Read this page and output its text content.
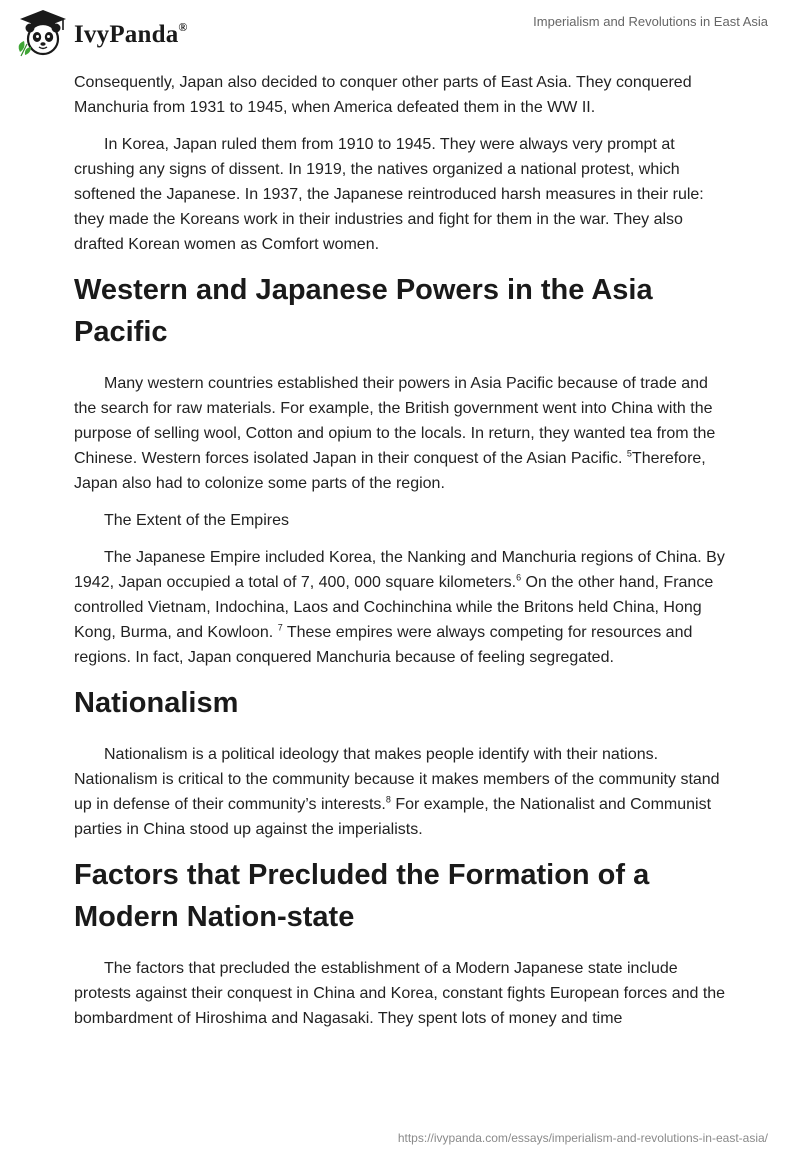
IvyPanda®	Imperialism and Revolutions in East Asia

Consequently, Japan also decided to conquer other parts of East Asia. They conquered Manchuria from 1931 to 1945, when America defeated them in the WW II.

In Korea, Japan ruled them from 1910 to 1945. They were always very prompt at crushing any signs of dissent. In 1919, the natives organized a national protest, which softened the Japanese. In 1937, the Japanese reintroduced harsh measures in their rule: they made the Koreans work in their industries and fight for them in the war. They also drafted Korean women as Comfort women.

Western and Japanese Powers in the Asia Pacific

Many western countries established their powers in Asia Pacific because of trade and the search for raw materials. For example, the British government went into China with the purpose of selling wool, Cotton and opium to the locals. In return, they wanted tea from the Chinese. Western forces isolated Japan in their conquest of the Asian Pacific. $^5$Therefore, Japan also had to colonize some parts of the region.

The Extent of the Empires

The Japanese Empire included Korea, the Nanking and Manchuria regions of China. By 1942, Japan occupied a total of 7, 400, 000 square kilometers.$^6$ On the other hand, France controlled Vietnam, Indochina, Laos and Cochinchina while the Britons held China, Hong Kong, Burma, and Kowloon. $^7$ These empires were always competing for resources and regions. In fact, Japan conquered Manchuria because of feeling segregated.

Nationalism

Nationalism is a political ideology that makes people identify with their nations. Nationalism is critical to the community because it makes members of the community stand up in defense of their community’s interests.$^8$ For example, the Nationalist and Communist parties in China stood up against the imperialists.

Factors that Precluded the Formation of a Modern Nation-state

The factors that precluded the establishment of a Modern Japanese state include protests against their conquest in China and Korea, constant fights European forces and the bombardment of Hiroshima and Nagasaki. They spent lots of money and time

https://ivypanda.com/essays/imperialism-and-revolutions-in-east-asia/
